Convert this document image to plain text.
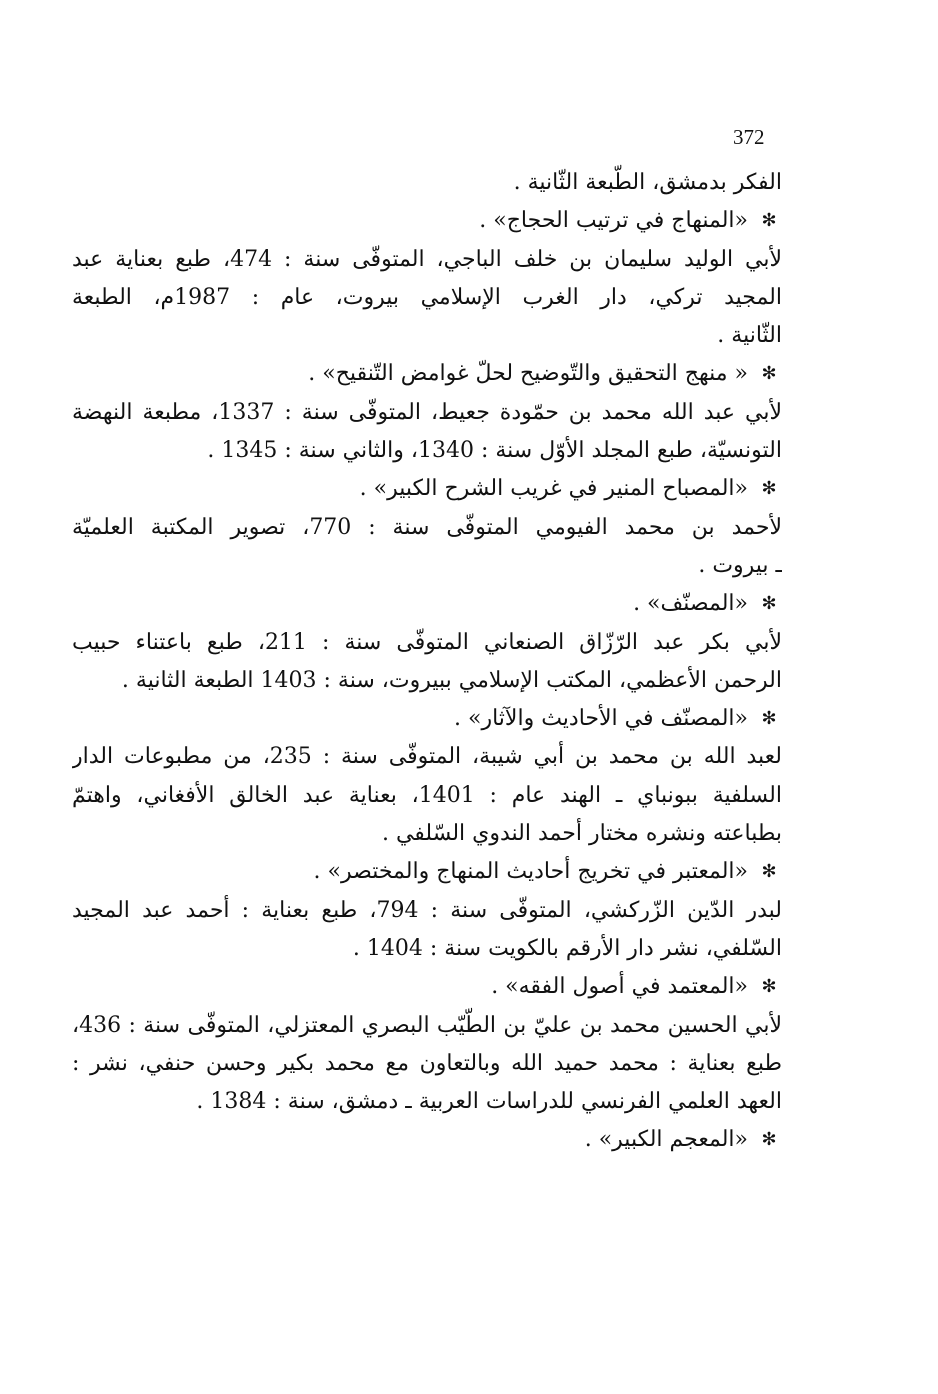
372
الفكر بدمشق، الطّبعة الثّانية .
✻
«المنهاج في ترتيب الحجاج» .
لأبي الوليد سليمان بن خلف الباجي، المتوفّى سنة : 474، طبع بعناية عبد
المجيد تركي، دار الغرب الإسلامي بيروت، عام : 1987م، الطبعة
الثّانية .
✻
« منهج التحقيق والتّوضيح لحلّ غوامض التّنقيح» .
لأبي عبد الله محمد بن حمّودة جعيط، المتوفّى سنة : 1337، مطبعة النهضة
التونسيّة، طبع المجلد الأوّل سنة : 1340، والثاني سنة : 1345 .
✻
«المصباح المنير في غريب الشرح الكبير» .
لأحمد بن محمد الفيومي المتوفّى سنة : 770، تصوير المكتبة العلميّة
ـ بيروت .
✻
«المصنّف» .
لأبي بكر عبد الرّزّاق الصنعاني المتوفّى سنة : 211، طبع باعتناء حبيب
الرحمن الأعظمي، المكتب الإسلامي ببيروت، سنة : 1403 الطبعة الثانية .
✻
«المصنّف في الأحاديث والآثار» .
لعبد الله بن محمد بن أبي شيبة، المتوفّى سنة : 235، من مطبوعات الدار
السلفية ببونباي ـ الهند عام : 1401، بعناية عبد الخالق الأفغاني، واهتمّ
بطباعته ونشره مختار أحمد الندوي السّلفي .
✻
«المعتبر في تخريج أحاديث المنهاج والمختصر» .
لبدر الدّين الزّركشي، المتوفّى سنة : 794، طبع بعناية : أحمد عبد المجيد
السّلفي، نشر دار الأرقم بالكويت سنة : 1404 .
✻
«المعتمد في أصول الفقه» .
لأبي الحسين محمد بن عليّ بن الطّيّب البصري المعتزلي، المتوفّى سنة : 436،
طبع بعناية : محمد حميد الله وبالتعاون مع محمد بكير وحسن حنفي، نشر :
العهد العلمي الفرنسي للدراسات العربية ـ دمشق، سنة : 1384 .
✻
«المعجم الكبير» .
